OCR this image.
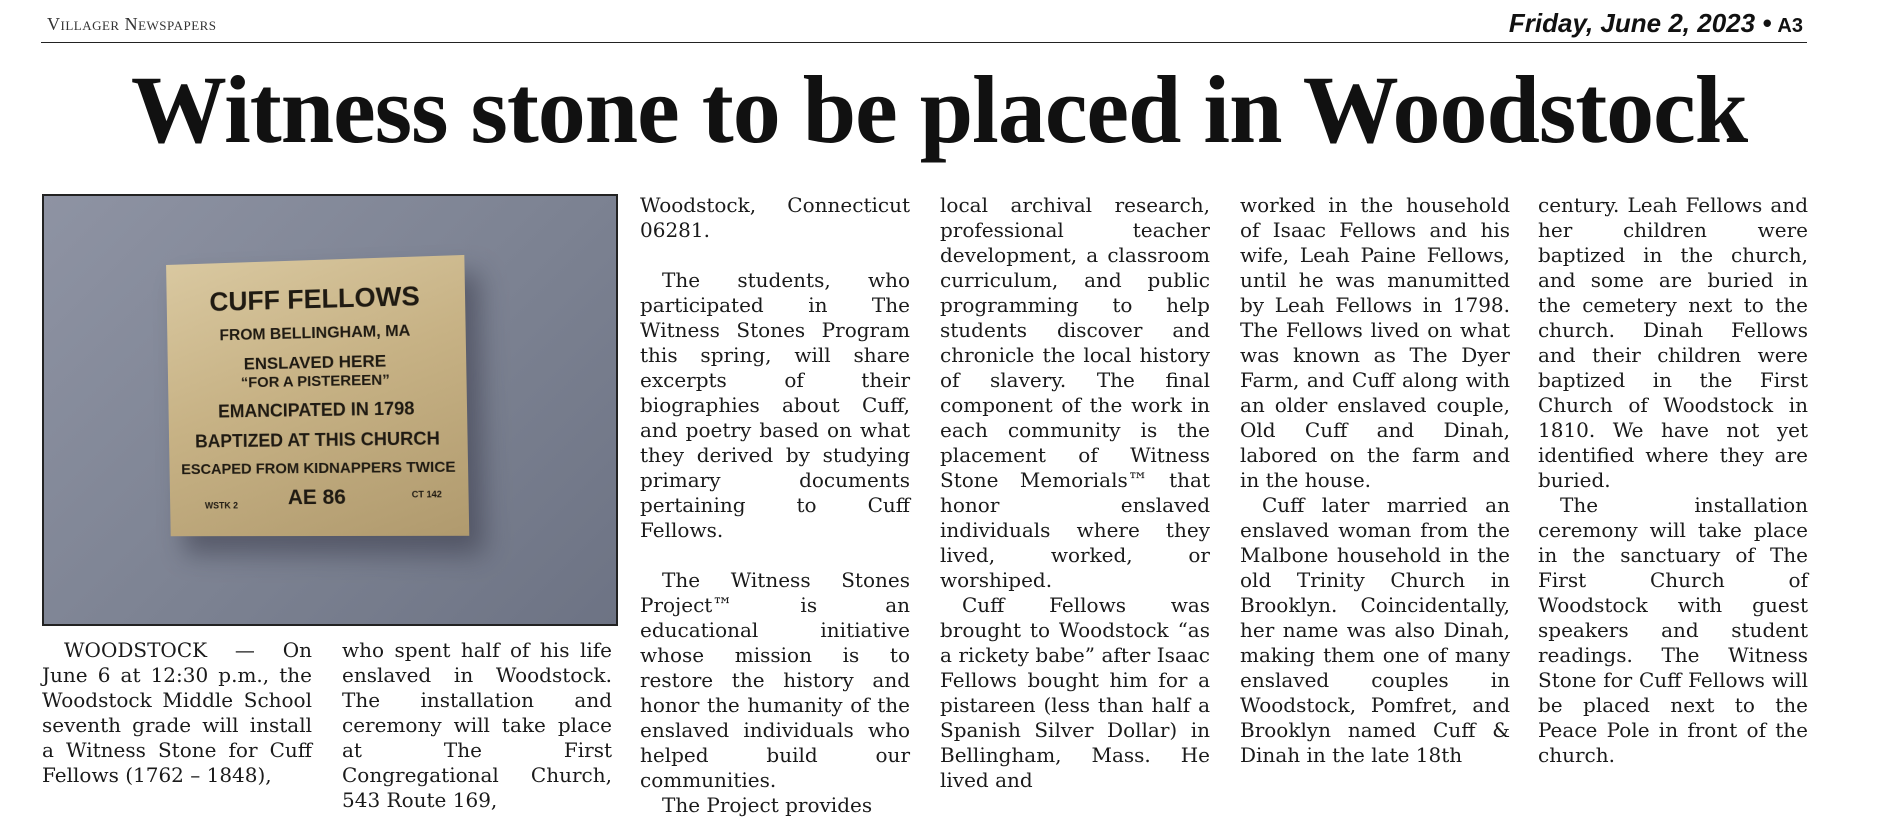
Villager Newspapers	Friday, June 2, 2023 • A3
Witness stone to be placed in Woodstock
CUFF FELLOWS
FROM BELLINGHAM, MA
ENSLAVED HERE
“FOR A PISTEREEN”
EMANCIPATED IN 1798
BAPTIZED AT THIS CHURCH
ESCAPED FROM KIDNAPPERS TWICE
AE 86
WSTK 2
CT 142

WOODSTOCK — On June 6 at 12:30 p.m., the Woodstock Middle School seventh grade will install a Witness Stone for Cuff Fellows (1762 – 1848),

who spent half of his life enslaved in Woodstock. The installation and ceremony will take place at The First Congregational Church, 543 Route 169,

Woodstock, Connecticut 06281.

The students, who participated in The Witness Stones Program this spring, will share excerpts of their biographies about Cuff, and poetry based on what they derived by studying primary documents pertaining to Cuff Fellows.

The Witness Stones Project™ is an educational initiative whose mission is to restore the history and honor the humanity of the enslaved individuals who helped build our communities.

The Project provides

local archival research, professional teacher development, a classroom curriculum, and public programming to help students discover and chronicle the local history of slavery. The final component of the work in each community is the placement of Witness Stone Memorials™ that honor enslaved individuals where they lived, worked, or worshiped.

Cuff Fellows was brought to Woodstock “as a rickety babe” after Isaac Fellows bought him for a pistareen (less than half a Spanish Silver Dollar) in Bellingham, Mass. He lived and

worked in the household of Isaac Fellows and his wife, Leah Paine Fellows, until he was manumitted by Leah Fellows in 1798. The Fellows lived on what was known as The Dyer Farm, and Cuff along with an older enslaved couple, Old Cuff and Dinah, labored on the farm and in the house.

Cuff later married an enslaved woman from the Malbone household in the old Trinity Church in Brooklyn. Coincidentally, her name was also Dinah, making them one of many enslaved couples in Woodstock, Pomfret, and Brooklyn named Cuff & Dinah in the late 18th

century. Leah Fellows and her children were baptized in the church, and some are buried in the cemetery next to the church. Dinah Fellows and their children were baptized in the First Church of Woodstock in 1810. We have not yet identified where they are buried.

The installation ceremony will take place in the sanctuary of The First Church of Woodstock with guest speakers and student readings. The Witness Stone for Cuff Fellows will be placed next to the Peace Pole in front of the church.
